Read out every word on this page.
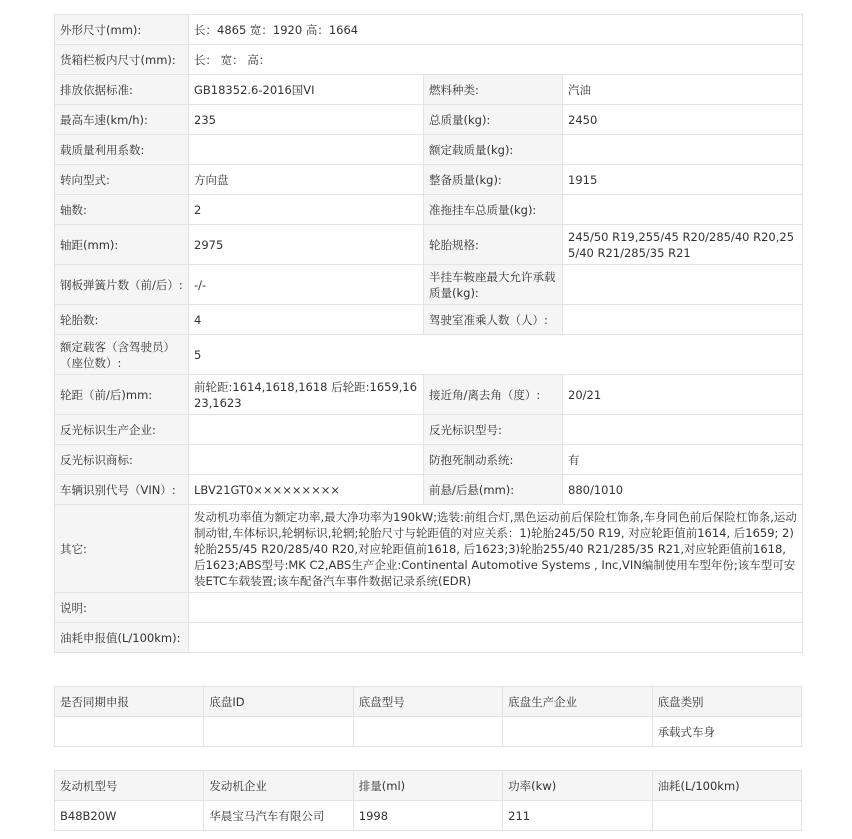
外形尺寸(mm):	长：4865 宽：1920 高：1664		
货箱栏板内尺寸(mm):	长： 宽： 高：		
排放依据标准:	GB18352.6-2016国VI	燃料种类:	汽油
最高车速(km/h):	235	总质量(kg):	2450
载质量利用系数:		额定载质量(kg):	
转向型式:	方向盘	整备质量(kg):	1915
轴数:	2	准拖挂车总质量(kg):	
轴距(mm):	2975	轮胎规格:	245/50 R19,255/45 R20/285/40 R20,255/40 R21/285/35 R21
钢板弹簧片数（前/后）:	-/-	半挂车鞍座最大允许承载质量(kg):	
轮胎数:	4	驾驶室准乘人数（人）:	
额定载客（含驾驶员）（座位数）:	5		
轮距（前/后)mm:	前轮距:1614,1618,1618 后轮距:1659,1623,1623	接近角/离去角（度）:	20/21
反光标识生产企业:		反光标识型号:	
反光标识商标:		防抱死制动系统:	有
车辆识别代号（VIN）:	LBV21GT0×××××××××	前悬/后悬(mm):	880/1010
其它:	发动机功率值为额定功率,最大净功率为190kW;选装:前组合灯,黑色运动前后保险杠饰条,车身同色前后保险杠饰条,运动制动钳,车体标识,轮辋标识,轮辋;轮胎尺寸与轮距值的对应关系：1)轮胎245/50 R19, 对应轮距值前1614, 后1659; 2)轮胎255/45 R20/285/40 R20,对应轮距值前1618, 后1623;3)轮胎255/40 R21/285/35 R21,对应轮距值前1618, 后1623;ABS型号:MK C2,ABS生产企业:Continental Automotive Systems , Inc,VIN编制使用车型年份;该车型可安装ETC车载装置;该车配备汽车事件数据记录系统(EDR)		
说明:			
油耗申报值(L/100km):			
是否同期申报	底盘ID	底盘型号	底盘生产企业	底盘类别
				承载式车身
发动机型号	发动机企业	排量(ml)	功率(kw)	油耗(L/100km)
B48B20W	华晨宝马汽车有限公司	1998	211	
